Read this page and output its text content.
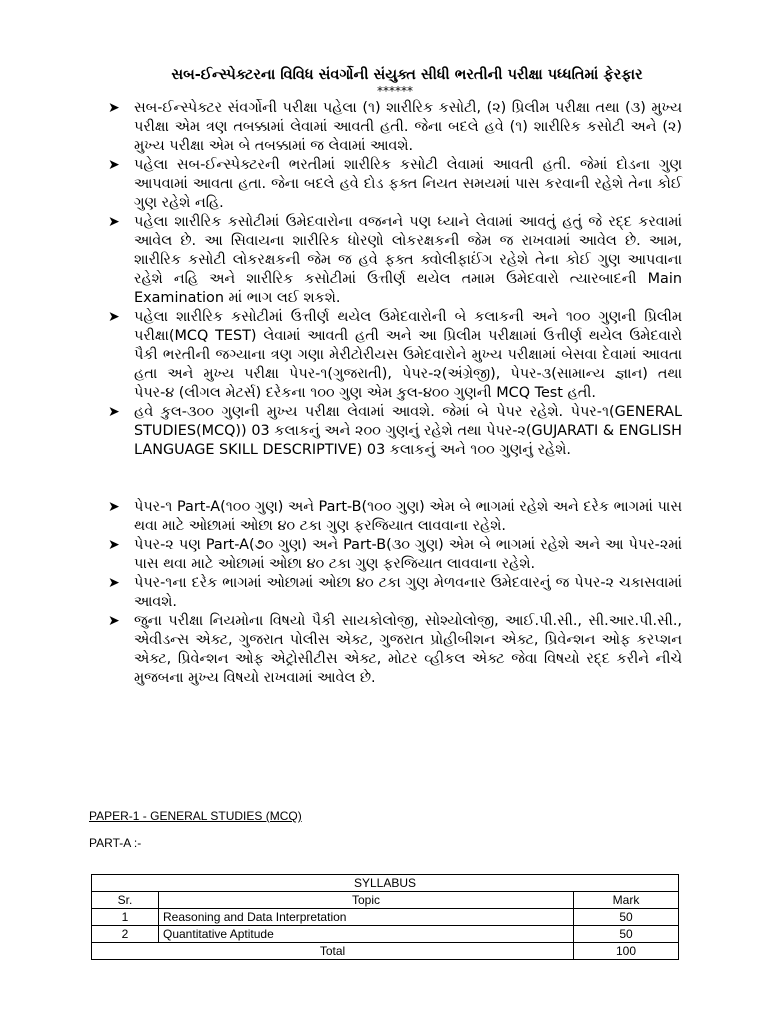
સબ-ઈન્સ્પેક્ટરના વિવિધ સંવર્ગોની સંયુક્ત સીધી ભરતીની પરીક્ષા પધ્ધતિમાં ફેરફાર
******
➤ સબ-ઈન્સ્પેક્ટર સંવર્ગોની પરીક્ષા પહેલા (૧) શારીરિક કસોટી, (૨) પ્રિલીમ પરીક્ષા તથા (૩) મુખ્ય પરીક્ષા એમ ત્રણ તબક્કામાં લેવામાં આવતી હતી. જેના બદલે હવે (૧) શારીરિક કસોટી અને (૨) મુખ્ય પરીક્ષા એમ બે તબક્કામાં જ લેવામાં આવશે.
➤ પહેલા સબ-ઈન્સ્પેક્ટરની ભરતીમાં શારીરિક કસોટી લેવામાં આવતી હતી. જેમાં દોડના ગુણ આપવામાં આવતા હતા. જેના બદલે હવે દોડ ફક્ત નિયત સમયમાં પાસ કરવાની રહેશે તેના કોઈ ગુણ રહેશે નહિ.
➤ પહેલા શારીરિક કસોટીમાં ઉમેદવારોના વજનને પણ ધ્યાને લેવામાં આવતું હતું જે રદ્દ કરવામાં આવેલ છે. આ સિવાયના શારીરિક ધોરણો લોકરક્ષકની જેમ જ રાખવામાં આવેલ છે. આમ, શારીરિક કસોટી લોકરક્ષકની જેમ જ હવે ફક્ત ક્વોલીફાઈંગ રહેશે તેના કોઈ ગુણ આપવાના રહેશે નહિ અને શારીરિક કસોટીમાં ઉત્તીર્ણ થયેલ તમામ ઉમેદવારો ત્યારબાદની Main Examination માં ભાગ લઈ શકશે.
➤ પહેલા શારીરિક કસોટીમાં ઉત્તીર્ણ થયેલ ઉમેદવારોની બે કલાકની અને ૧૦૦ ગુણની પ્રિલીમ પરીક્ષા(MCQ TEST) લેવામાં આવતી હતી અને આ પ્રિલીમ પરીક્ષામાં ઉત્તીર્ણ થયેલ ઉમેદવારો પૈકી ભરતીની જગ્યાના ત્રણ ગણા મેરીટોરીયસ ઉમેદવારોને મુખ્ય પરીક્ષામાં બેસવા દેવામાં આવતા હતા અને મુખ્ય પરીક્ષા પેપર-૧(ગુજરાતી), પેપર-૨(અંગ્રેજી), પેપર-૩(સામાન્ય જ્ઞાન) તથા પેપર-૪ (લીગલ મેટર્સ) દરેકના ૧૦૦ ગુણ એમ કુલ-૪૦૦ ગુણની MCQ Test હતી.
➤ હવે કુલ-૩૦૦ ગુણની મુખ્ય પરીક્ષા લેવામાં આવશે. જેમાં બે પેપર રહેશે. પેપર-૧(GENERAL STUDIES(MCQ)) 03 કલાકનું અને ૨૦૦ ગુણનું રહેશે તથા પેપર-૨(GUJARATI & ENGLISH LANGUAGE SKILL DESCRIPTIVE) 03 કલાકનું અને ૧૦૦ ગુણનું રહેશે.
➤ પેપર-૧ Part-A(૧૦૦ ગુણ) અને Part-B(૧૦૦ ગુણ) એમ બે ભાગમાં રહેશે અને દરેક ભાગમાં પાસ થવા માટે ઓછામાં ઓછા ૪૦ ટકા ગુણ ફરજિયાત લાવવાના રહેશે.
➤ પેપર-૨ પણ Part-A(૭૦ ગુણ) અને Part-B(૩૦ ગુણ) એમ બે ભાગમાં રહેશે અને આ પેપર-૨માં પાસ થવા માટે ઓછામાં ઓછા ૪૦ ટકા ગુણ ફરજિયાત લાવવાના રહેશે.
➤ પેપર-૧ના દરેક ભાગમાં ઓછામાં ઓછા ૪૦ ટકા ગુણ મેળવનાર ઉમેદવારનું જ પેપર-૨ ચકાસવામાં આવશે.
➤ જુના પરીક્ષા નિયમોના વિષયો પૈકી સાયકોલોજી, સોશ્યોલોજી, આઈ.પી.સી., સી.આર.પી.સી., એવીડન્સ એક્ટ, ગુજરાત પોલીસ એક્ટ, ગુજરાત પ્રોહીબીશન એક્ટ, પ્રિવેન્શન ઓફ કરપ્શન એક્ટ, પ્રિવેન્શન ઓફ એટ્રોસીટીસ એક્ટ, મોટર વ્હીકલ એક્ટ જેવા વિષયો રદ્દ કરીને નીચે મુજબના મુખ્ય વિષયો રાખવામાં આવેલ છે.
PAPER-1 - GENERAL STUDIES (MCQ)
PART-A :-
SYLLABUS		
Sr.	Topic	Mark
1	Reasoning and Data Interpretation	50
2	Quantitative Aptitude	50
Total		100
